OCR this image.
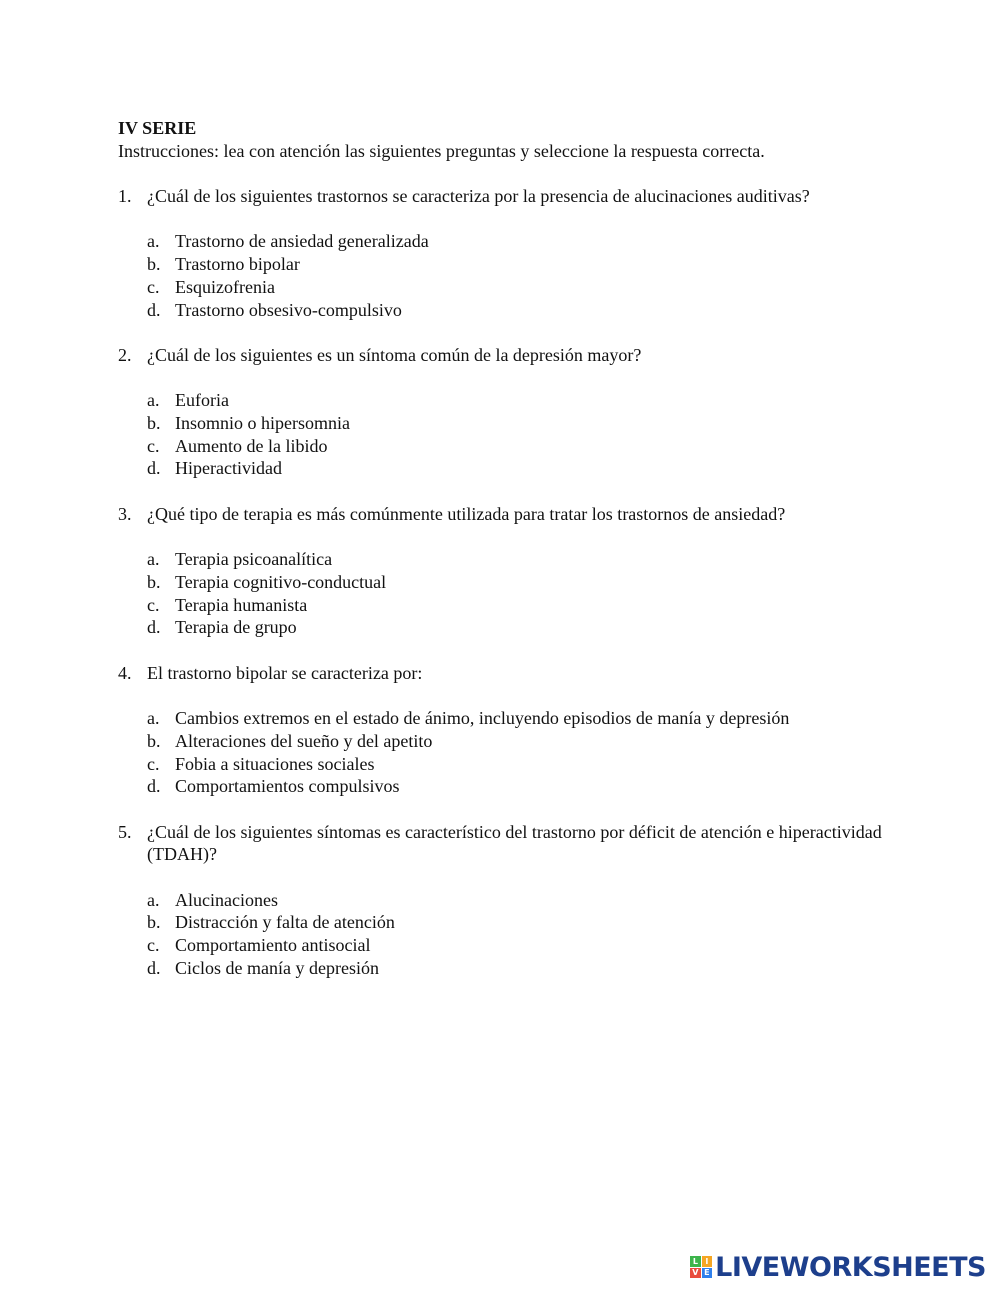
IV SERIE
Instrucciones: lea con atención las siguientes preguntas y seleccione la respuesta correcta.
1. ¿Cuál de los siguientes trastornos se caracteriza por la presencia de alucinaciones auditivas?
a. Trastorno de ansiedad generalizada
b. Trastorno bipolar
c. Esquizofrenia
d. Trastorno obsesivo-compulsivo
2. ¿Cuál de los siguientes es un síntoma común de la depresión mayor?
a. Euforia
b. Insomnio o hipersomnia
c. Aumento de la libido
d. Hiperactividad
3. ¿Qué tipo de terapia es más comúnmente utilizada para tratar los trastornos de ansiedad?
a. Terapia psicoanalítica
b. Terapia cognitivo-conductual
c. Terapia humanista
d. Terapia de grupo
4. El trastorno bipolar se caracteriza por:
a. Cambios extremos en el estado de ánimo, incluyendo episodios de manía y depresión
b. Alteraciones del sueño y del apetito
c. Fobia a situaciones sociales
d. Comportamientos compulsivos
5. ¿Cuál de los siguientes síntomas es característico del trastorno por déficit de atención e hiperactividad (TDAH)?
a. Alucinaciones
b. Distracción y falta de atención
c. Comportamiento antisocial
d. Ciclos de manía y depresión
L I
V E LIVEWORKSHEETS
